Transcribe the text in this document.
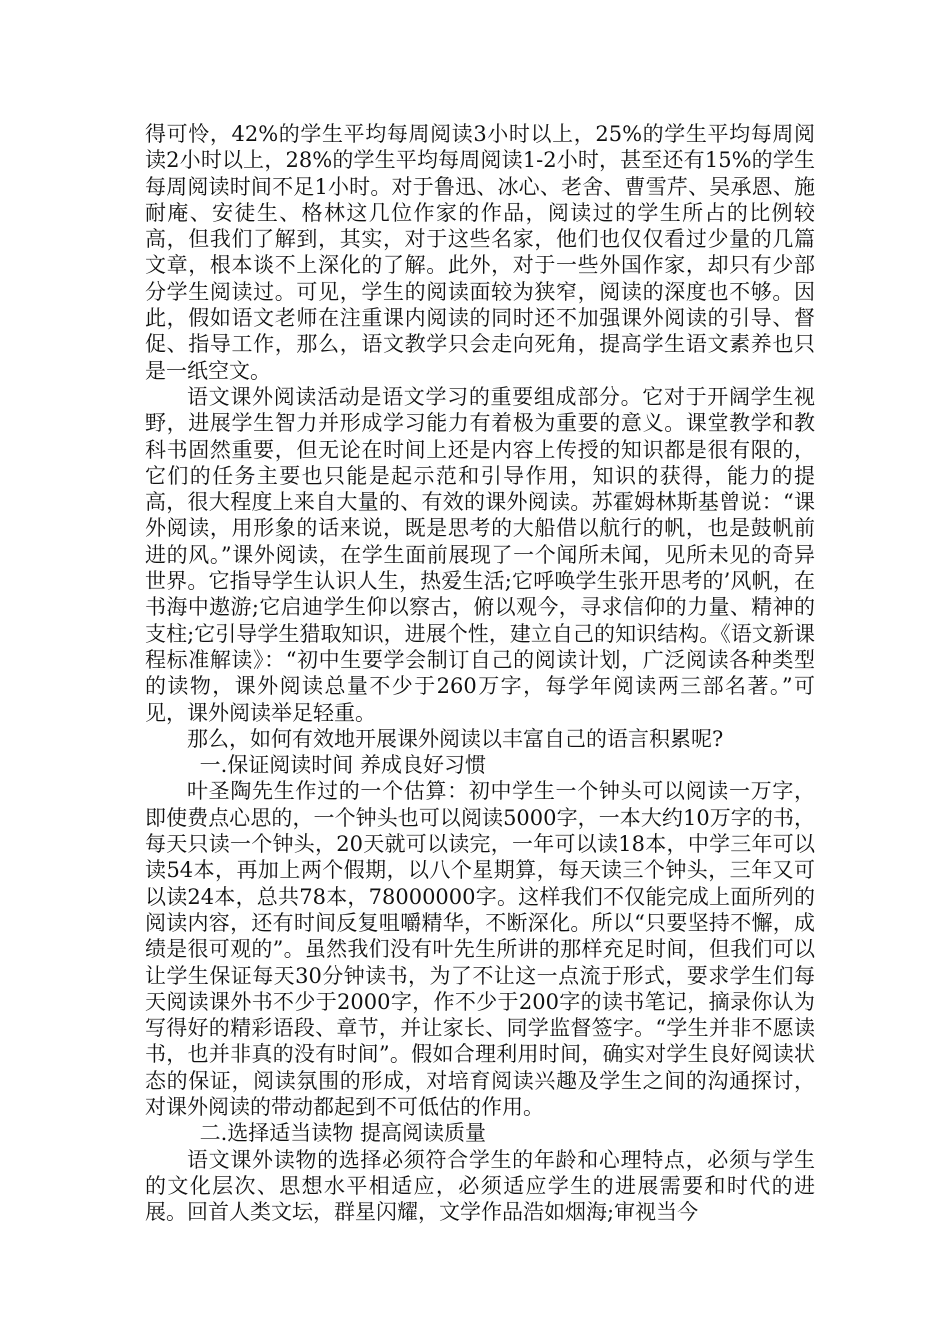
得可怜，42%的学生平均每周阅读3小时以上，25%的学生平均每周阅读2小时以上，28%的学生平均每周阅读1-2小时，甚至还有15%的学生每周阅读时间不足1小时。对于鲁迅、冰心、老舍、曹雪芹、吴承恩、施耐庵、安徒生、格林这几位作家的作品，阅读过的学生所占的比例较高，但我们了解到，其实，对于这些名家，他们也仅仅看过少量的几篇文章，根本谈不上深化的了解。此外，对于一些外国作家，却只有少部分学生阅读过。可见，学生的阅读面较为狭窄，阅读的深度也不够。因此，假如语文老师在注重课内阅读的同时还不加强课外阅读的引导、督促、指导工作，那么，语文教学只会走向死角，提高学生语文素养也只是一纸空文。

语文课外阅读活动是语文学习的重要组成部分。它对于开阔学生视野，进展学生智力并形成学习能力有着极为重要的意义。课堂教学和教科书固然重要，但无论在时间上还是内容上传授的知识都是很有限的，它们的任务主要也只能是起示范和引导作用，知识的获得，能力的提高，很大程度上来自大量的、有效的课外阅读。苏霍姆林斯基曾说：“课外阅读，用形象的话来说，既是思考的大船借以航行的帆，也是鼓帆前进的风。”课外阅读，在学生面前展现了一个闻所未闻，见所未见的奇异世界。它指导学生认识人生，热爱生活;它呼唤学生张开思考的’风帆，在书海中遨游;它启迪学生仰以察古，俯以观今，寻求信仰的力量、精神的支柱;它引导学生猎取知识，进展个性，建立自己的知识结构。《语文新课程标准解读》：“初中生要学会制订自己的阅读计划，广泛阅读各种类型的读物，课外阅读总量不少于260万字，每学年阅读两三部名著。”可见，课外阅读举足轻重。

那么，如何有效地开展课外阅读以丰富自己的语言积累呢?

一.保证阅读时间 养成良好习惯

叶圣陶先生作过的一个估算：初中学生一个钟头可以阅读一万字，即使费点心思的，一个钟头也可以阅读5000字，一本大约10万字的书，每天只读一个钟头，20天就可以读完，一年可以读18本，中学三年可以读54本，再加上两个假期，以八个星期算，每天读三个钟头，三年又可以读24本，总共78本，78000000字。这样我们不仅能完成上面所列的阅读内容，还有时间反复咀嚼精华，不断深化。所以“只要坚持不懈，成绩是很可观的”。虽然我们没有叶先生所讲的那样充足时间，但我们可以让学生保证每天30分钟读书，为了不让这一点流于形式，要求学生们每天阅读课外书不少于2000字，作不少于200字的读书笔记，摘录你认为写得好的精彩语段、章节，并让家长、同学监督签字。“学生并非不愿读书，也并非真的没有时间”。假如合理利用时间，确实对学生良好阅读状态的保证，阅读氛围的形成，对培育阅读兴趣及学生之间的沟通探讨，对课外阅读的带动都起到不可低估的作用。

二.选择适当读物 提高阅读质量

语文课外读物的选择必须符合学生的年龄和心理特点，必须与学生的文化层次、思想水平相适应，必须适应学生的进展需要和时代的进展。回首人类文坛，群星闪耀，文学作品浩如烟海;审视当今
